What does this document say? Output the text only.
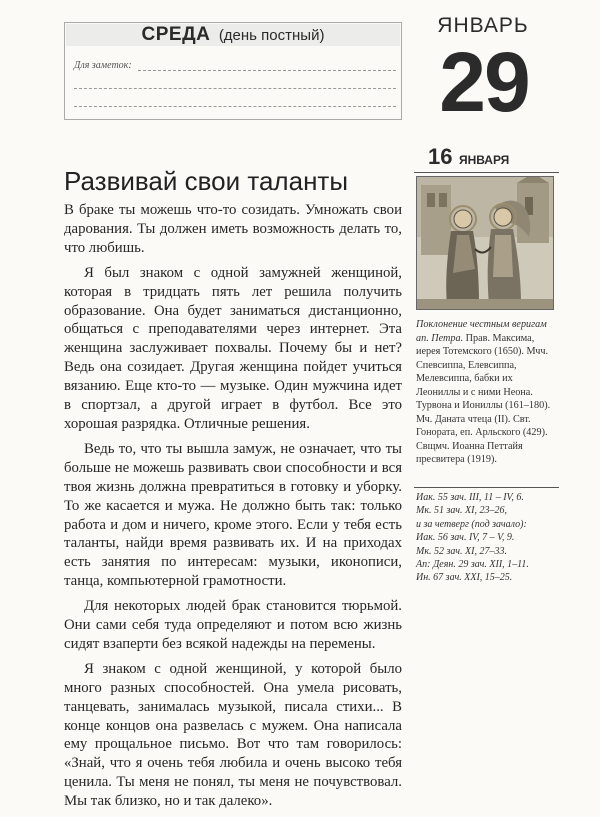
СРЕДА (день постный)
Для заметок:
ЯНВАРЬ
29
16 ЯНВАРЯ
Поклонение честным веригам ап. Петра. Прав. Максима, иерея Тотемского (1650). Мчч. Спевсиппа, Елевсиппа, Мелевсиппа, бабки их Леониллы и с ними Неона. Турвона и Иониллы (161–180). Мч. Даната чтеца (II). Свт. Гонората, еп. Арльского (429). Свщмч. Иоанна Петтайя пресвитера (1919).
Иак. 55 зач. III, 11 – IV, 6.
Мк. 51 зач. XI, 23–26,
и за четверг (под зачало):
Иак. 56 зач. IV, 7 – V, 9.
Мк. 52 зач. XI, 27–33.
Ап: Деян. 29 зач. XII, 1–11.
Ин. 67 зач. XXI, 15–25.
Развивай свои таланты

В браке ты можешь что-то созидать. Умножать свои дарования. Ты должен иметь возможность делать то, что любишь.

Я был знаком с одной замужней женщиной, которая в тридцать пять лет решила получить образование. Она будет заниматься дистанционно, общаться с преподавателями через интернет. Эта женщина заслуживает похвалы. Почему бы и нет? Ведь она созидает. Другая женщина пойдет учиться вязанию. Еще кто-то — музыке. Один мужчина идет в спортзал, а другой играет в футбол. Все это хорошая разрядка. Отличные решения.

Ведь то, что ты вышла замуж, не означает, что ты больше не можешь развивать свои способности и вся твоя жизнь должна превратиться в готовку и уборку. То же касается и мужа. Не должно быть так: только работа и дом и ничего, кроме этого. Если у тебя есть таланты, найди время развивать их. И на приходах есть занятия по интересам: музыки, иконописи, танца, компьютерной грамотности.

Для некоторых людей брак становится тюрьмой. Они сами себя туда определяют и потом всю жизнь сидят взаперти без всякой надежды на перемены.

Я знаком с одной женщиной, у которой было много разных способностей. Она умела рисовать, танцевать, занималась музыкой, писала стихи... В конце концов она развелась с мужем. Она написала ему прощальное письмо. Вот что там говорилось: «Знай, что я очень тебя любила и очень высоко тебя ценила. Ты меня не понял, ты меня не почувствовал. Мы так близко, но и так далеко».
